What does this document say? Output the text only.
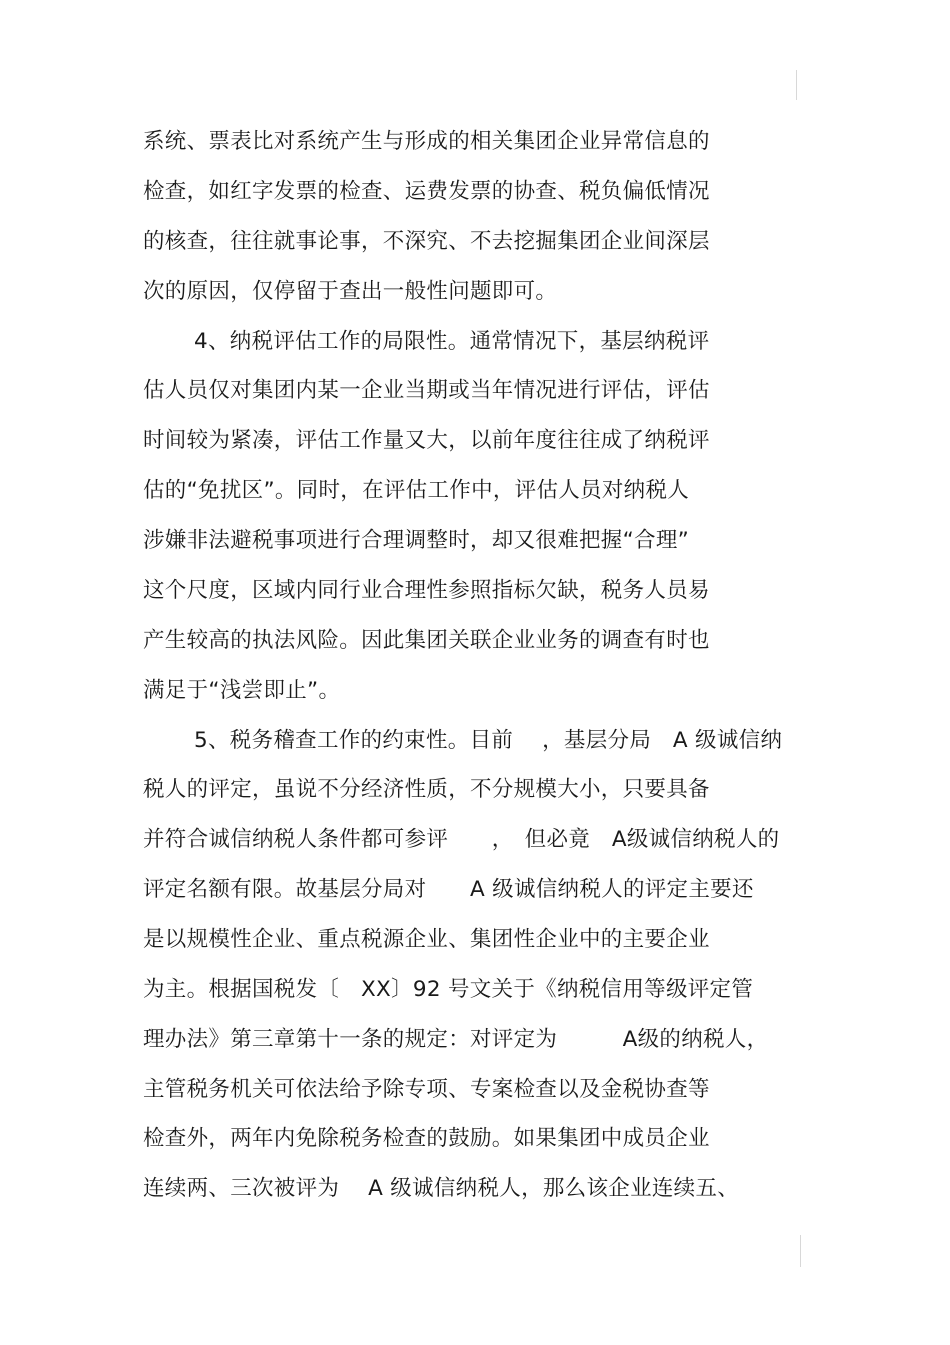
系统、票表比对系统产生与形成的相关集团企业异常信息的
检查，如红字发票的检查、运费发票的协查、税负偏低情况
的核查，往往就事论事，不深究、不去挖掘集团企业间深层
次的原因，仅停留于查出一般性问题即可。
4、纳税评估工作的局限性。通常情况下，基层纳税评
估人员仅对集团内某一企业当期或当年情况进行评估，评估
时间较为紧凑，评估工作量又大，以前年度往往成了纳税评
估的“免扰区”。同时，在评估工作中，评估人员对纳税人
涉嫌非法避税事项进行合理调整时，却又很难把握“合理”
这个尺度，区域内同行业合理性参照指标欠缺，税务人员易
产生较高的执法风险。因此集团关联企业业务的调查有时也
满足于“浅尝即止”。
5、税务稽查工作的约束性。目前　 ，基层分局　A 级诚信纳
税人的评定，虽说不分经济性质，不分规模大小，只要具备
并符合诚信纳税人条件都可参评　　，　但必竟　A级诚信纳税人的
评定名额有限。故基层分局对　　A 级诚信纳税人的评定主要还
是以规模性企业、重点税源企业、集团性企业中的主要企业
为主。根据国税发〔　XX〕92 号文关于《纳税信用等级评定管
理办法》第三章第十一条的规定：对评定为　　　A级的纳税人，
主管税务机关可依法给予除专项、专案检查以及金税协查等
检查外，两年内免除税务检查的鼓励。如果集团中成员企业
连续两、三次被评为　 A 级诚信纳税人，那么该企业连续五、
